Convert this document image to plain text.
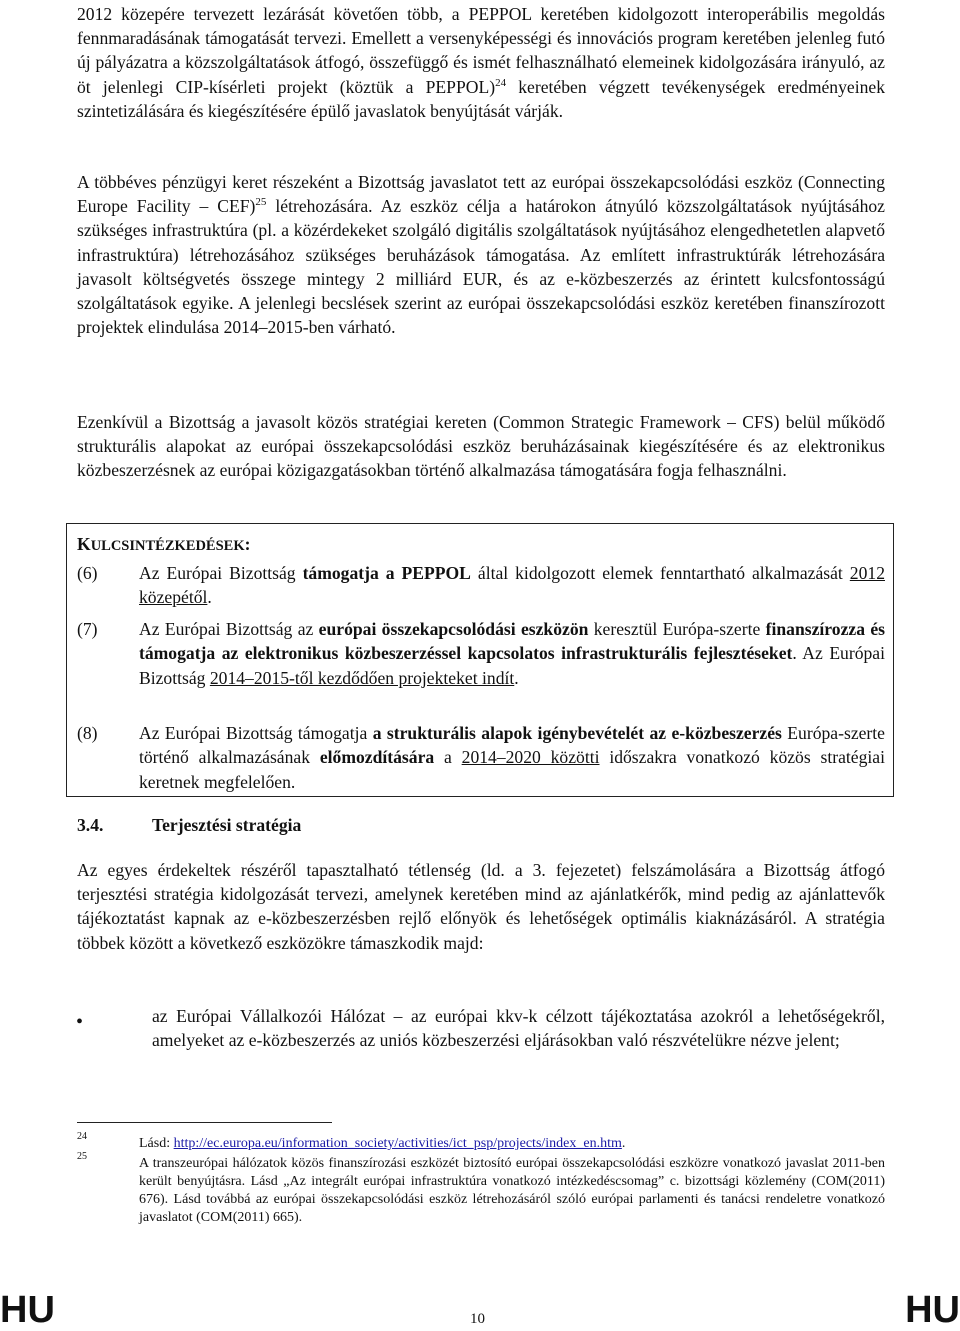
2012 közepére tervezett lezárását követően több, a PEPPOL keretében kidolgozott interoperábilis megoldás fennmaradásának támogatását tervezi. Emellett a versenyképességi és innovációs program keretében jelenleg futó új pályázatra a közszolgáltatások átfogó, összefüggő és ismét felhasználható elemeinek kidolgozására irányuló, az öt jelenlegi CIP-kísérleti projekt (köztük a PEPPOL)$^{24}$ keretében végzett tevékenységek eredményeinek szintetizálására és kiegészítésére épülő javaslatok benyújtását várják.

A többéves pénzügyi keret részeként a Bizottság javaslatot tett az európai összekapcsolódási eszköz (Connecting Europe Facility – CEF)$^{25}$ létrehozására. Az eszköz célja a határokon átnyúló közszolgáltatások nyújtásához szükséges infrastruktúra (pl. a közérdekeket szolgáló digitális szolgáltatások nyújtásához elengedhetetlen alapvető infrastruktúra) létrehozásához szükséges beruházások támogatása. Az említett infrastruktúrák létrehozására javasolt költségvetés összege mintegy 2 milliárd EUR, és az e-közbeszerzés az érintett kulcsfontosságú szolgáltatások egyike. A jelenlegi becslések szerint az európai összekapcsolódási eszköz keretében finanszírozott projektek elindulása 2014–2015-ben várható.

Ezenkívül a Bizottság a javasolt közös stratégiai kereten (Common Strategic Framework – CFS) belül működő strukturális alapokat az európai összekapcsolódási eszköz beruházásainak kiegészítésére és az elektronikus közbeszerzésnek az európai közigazgatásokban történő alkalmazása támogatására fogja felhasználni.

KULCSINTÉZKEDÉSEK:

(6) Az Európai Bizottság támogatja a PEPPOL által kidolgozott elemek fenntartható alkalmazását 2012 közepétől.
(7) Az Európai Bizottság az európai összekapcsolódási eszközön keresztül Európa-szerte finanszírozza és támogatja az elektronikus közbeszerzéssel kapcsolatos infrastrukturális fejlesztéseket. Az Európai Bizottság 2014–2015-től kezdődően projekteket indít.
(8) Az Európai Bizottság támogatja a strukturális alapok igénybevételét az e-közbeszerzés Európa-szerte történő alkalmazásának előmozdítására a 2014–2020 közötti időszakra vonatkozó közös stratégiai keretnek megfelelően.

3.4.	Terjesztési stratégia

Az egyes érdekeltek részéről tapasztalható tétlenség (ld. a 3. fejezetet) felszámolására a Bizottság átfogó terjesztési stratégia kidolgozását tervezi, amelynek keretében mind az ajánlatkérők, mind pedig az ajánlattevők tájékoztatást kapnak az e-közbeszerzésben rejlő előnyök és lehetőségek optimális kiaknázásáról. A stratégia többek között a következő eszközökre támaszkodik majd:

•	az Európai Vállalkozói Hálózat – az európai kkv-k célzott tájékoztatása azokról a lehetőségekről, amelyeket az e-közbeszerzés az uniós közbeszerzési eljárásokban való részvételükre nézve jelent;

24	Lásd: http://ec.europa.eu/information_society/activities/ict_psp/projects/index_en.htm.
25	A transzeurópai hálózatok közös finanszírozási eszközét biztosító európai összekapcsolódási eszközre vonatkozó javaslat 2011-ben került benyújtásra. Lásd „Az integrált európai infrastruktúra vonatkozó intézkedéscsomag” c. bizottsági közlemény (COM(2011) 676). Lásd továbbá az európai összekapcsolódási eszköz létrehozásáról szóló európai parlamenti és tanácsi rendeletre vonatkozó javaslatot (COM(2011) 665).
HU	10	HU
